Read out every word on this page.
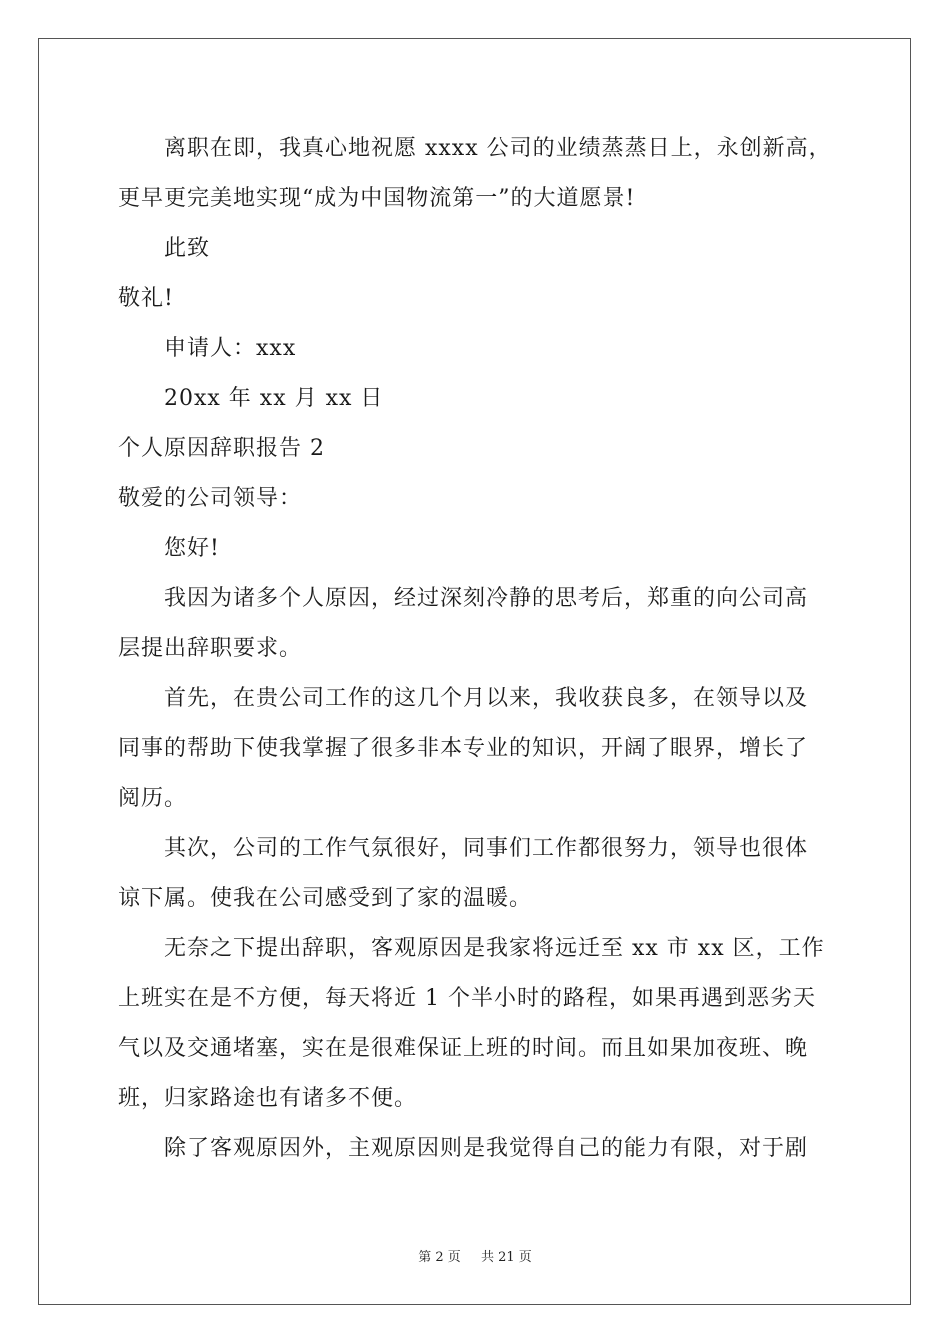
离职在即，我真心地祝愿 xxxx 公司的业绩蒸蒸日上，永创新高，
更早更完美地实现“成为中国物流第一”的大道愿景!
此致
敬礼!
申请人：xxx
20xx 年 xx 月 xx 日
个人原因辞职报告 2
敬爱的公司领导：
您好!
我因为诸多个人原因，经过深刻冷静的思考后，郑重的向公司高
层提出辞职要求。
首先，在贵公司工作的这几个月以来，我收获良多，在领导以及
同事的帮助下使我掌握了很多非本专业的知识，开阔了眼界，增长了
阅历。
其次，公司的工作气氛很好，同事们工作都很努力，领导也很体
谅下属。使我在公司感受到了家的温暖。
无奈之下提出辞职，客观原因是我家将远迁至 xx 市 xx 区，工作
上班实在是不方便，每天将近 1 个半小时的路程，如果再遇到恶劣天
气以及交通堵塞，实在是很难保证上班的时间。而且如果加夜班、晚
班，归家路途也有诸多不便。
除了客观原因外，主观原因则是我觉得自己的能力有限，对于剧
第 2 页 共 21 页
